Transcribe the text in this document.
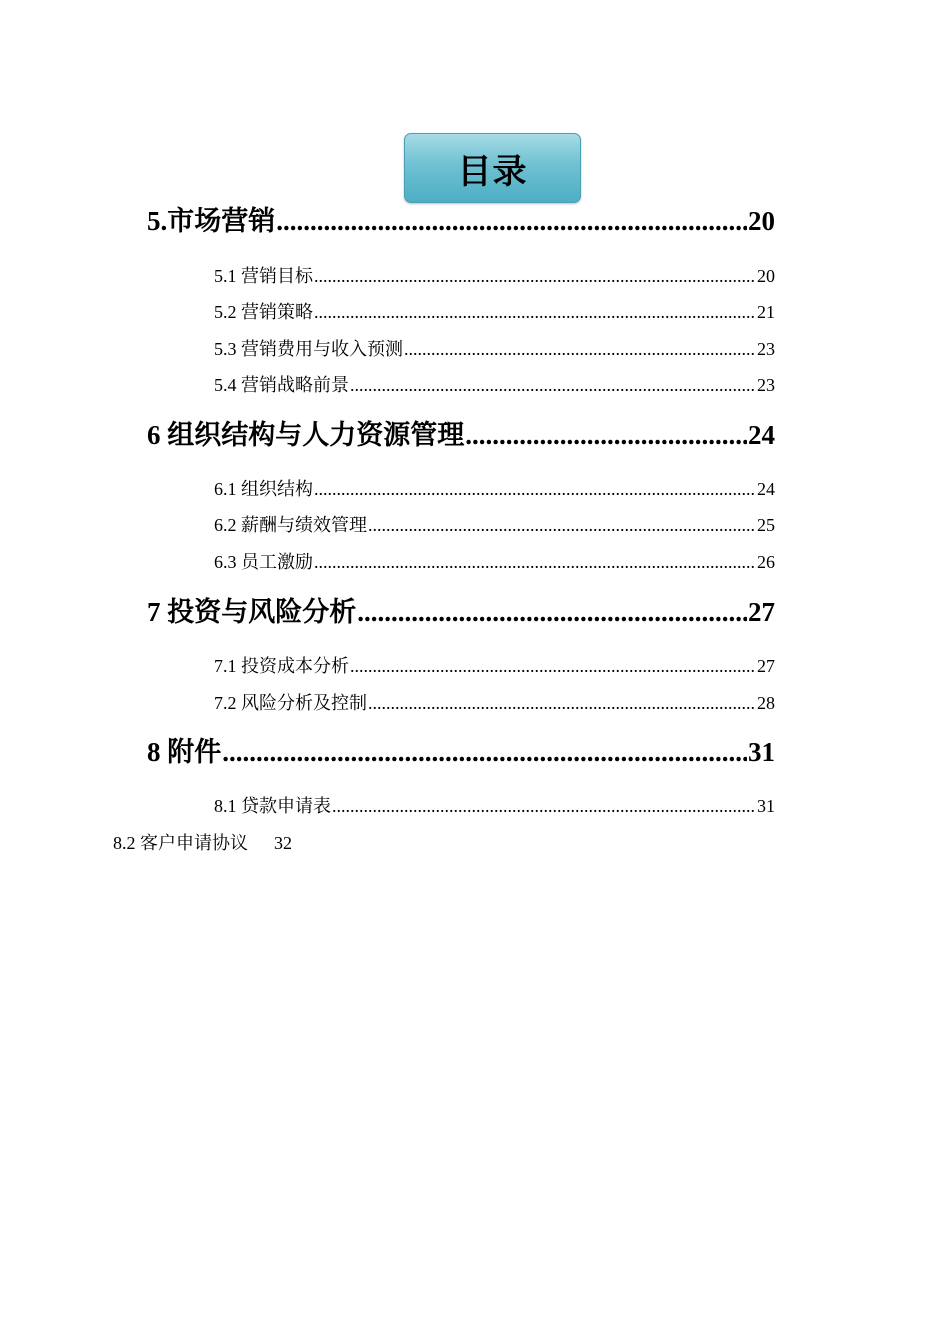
目录
5.市场营销 .....	20
5.1 营销目标 .....	20
5.2 营销策略 .....	21
5.3 营销费用与收入预测 .....	23
5.4 营销战略前景 .....	23
6 组织结构与人力资源管理 .....	24
6.1 组织结构 .....	24
6.2 薪酬与绩效管理 .....	25
6.3 员工激励 .....	26
7 投资与风险分析 .....	27
7.1 投资成本分析 .....	27
7.2 风险分析及控制 .....	28
8 附件 .....	31
8.1 贷款申请表 .....	31
8.2 客户申请协议 32
